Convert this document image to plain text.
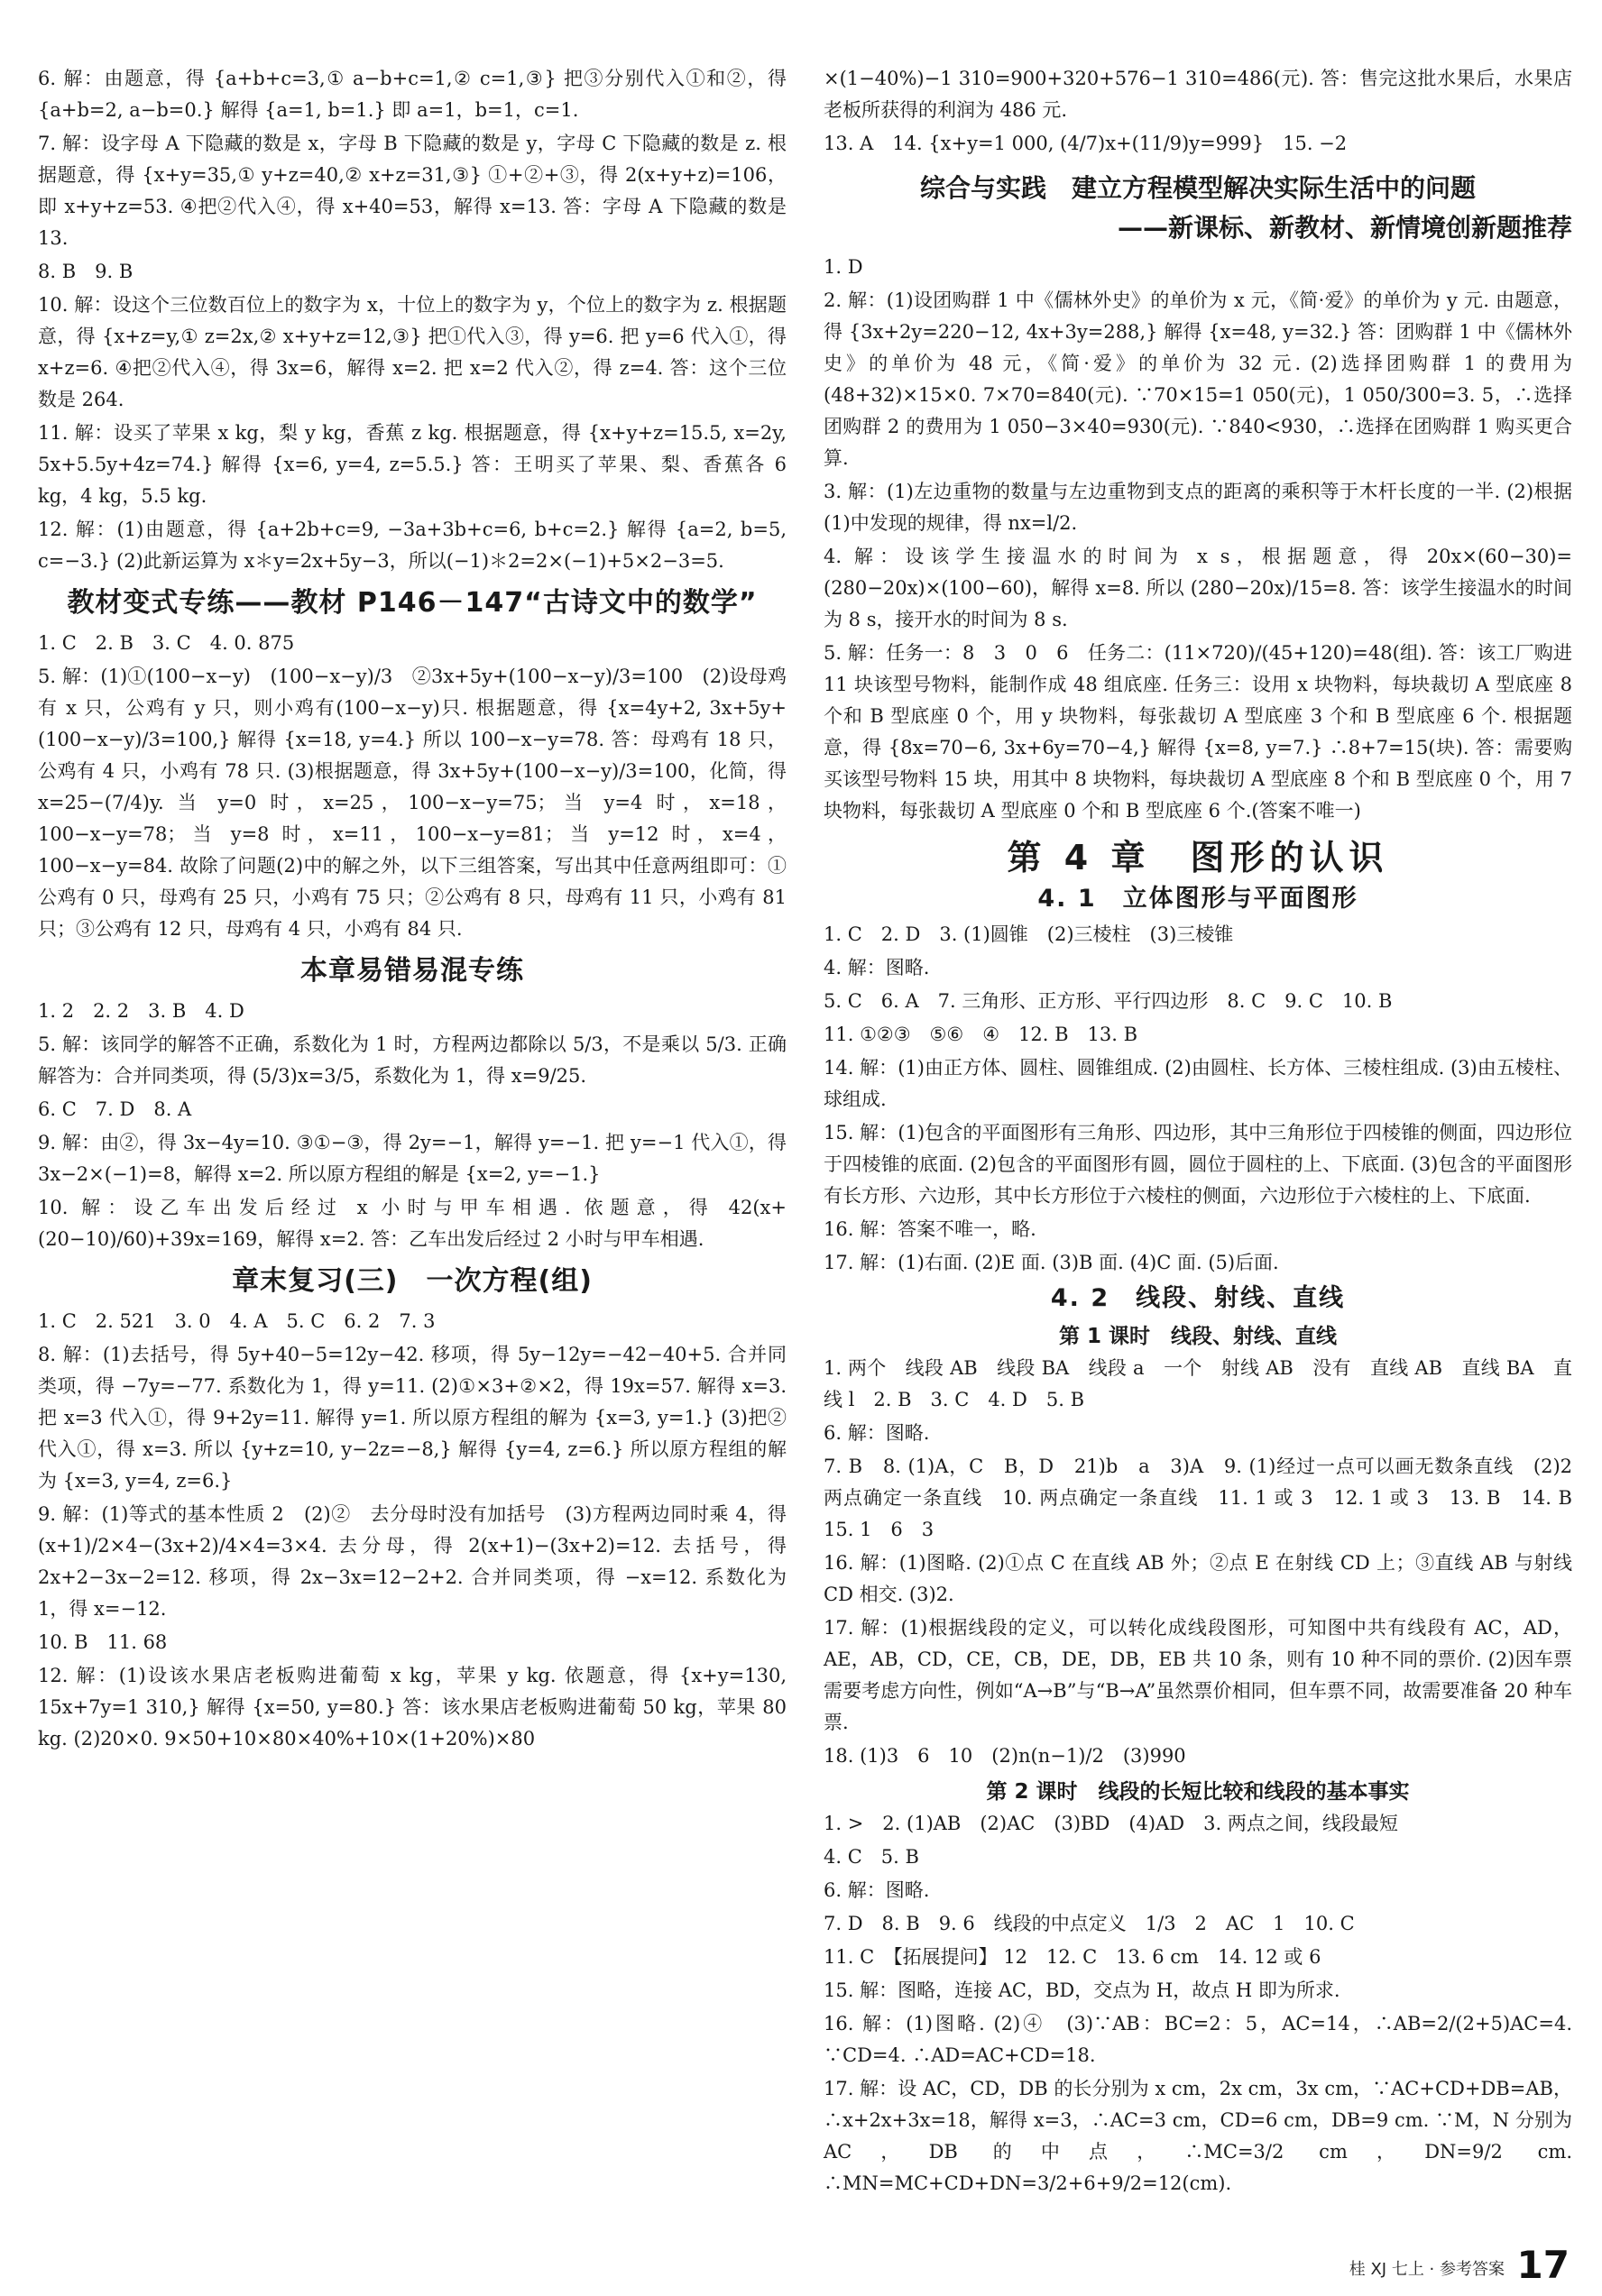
6. 解：由题意，得 {a+b+c=3,① a−b+c=1,② c=1,③} 把③分别代入①和②，得 {a+b=2, a−b=0.} 解得 {a=1, b=1.} 即 a=1，b=1，c=1.

7. 解：设字母 A 下隐藏的数是 x，字母 B 下隐藏的数是 y，字母 C 下隐藏的数是 z. 根据题意，得 {x+y=35,① y+z=40,② x+z=31,③} ①+②+③，得 2(x+y+z)=106，即 x+y+z=53. ④把②代入④，得 x+40=53，解得 x=13. 答：字母 A 下隐藏的数是 13.

8. B　9. B

10. 解：设这个三位数百位上的数字为 x，十位上的数字为 y，个位上的数字为 z. 根据题意，得 {x+z=y,① z=2x,② x+y+z=12,③} 把①代入③，得 y=6. 把 y=6 代入①，得 x+z=6. ④把②代入④，得 3x=6，解得 x=2. 把 x=2 代入②，得 z=4. 答：这个三位数是 264.

11. 解：设买了苹果 x kg，梨 y kg，香蕉 z kg. 根据题意，得 {x+y+z=15.5, x=2y, 5x+5.5y+4z=74.} 解得 {x=6, y=4, z=5.5.} 答：王明买了苹果、梨、香蕉各 6 kg，4 kg，5.5 kg.

12. 解：(1)由题意，得 {a+2b+c=9, −3a+3b+c=6, b+c=2.} 解得 {a=2, b=5, c=−3.} (2)此新运算为 x＊y=2x+5y−3，所以(−1)＊2=2×(−1)+5×2−3=5.

教材变式专练——教材 P146－147“古诗文中的数学”

1. C　2. B　3. C　4. 0. 875

5. 解：(1)①(100−x−y)　(100−x−y)/3　②3x+5y+(100−x−y)/3=100　(2)设母鸡有 x 只，公鸡有 y 只，则小鸡有(100−x−y)只. 根据题意，得 {x=4y+2, 3x+5y+(100−x−y)/3=100,} 解得 {x=18, y=4.} 所以 100−x−y=78. 答：母鸡有 18 只，公鸡有 4 只，小鸡有 78 只. (3)根据题意，得 3x+5y+(100−x−y)/3=100，化简，得 x=25−(7/4)y. 当 y=0 时，x=25，100−x−y=75；当 y=4 时，x=18，100−x−y=78；当 y=8 时，x=11，100−x−y=81；当 y=12 时，x=4，100−x−y=84. 故除了问题(2)中的解之外，以下三组答案，写出其中任意两组即可：①公鸡有 0 只，母鸡有 25 只，小鸡有 75 只；②公鸡有 8 只，母鸡有 11 只，小鸡有 81 只；③公鸡有 12 只，母鸡有 4 只，小鸡有 84 只.

本章易错易混专练

1. 2　2. 2　3. B　4. D

5. 解：该同学的解答不正确，系数化为 1 时，方程两边都除以 5/3，不是乘以 5/3. 正确解答为：合并同类项，得 (5/3)x=3/5，系数化为 1，得 x=9/25.

6. C　7. D　8. A

9. 解：由②，得 3x−4y=10. ③①−③，得 2y=−1，解得 y=−1. 把 y=−1 代入①，得 3x−2×(−1)=8，解得 x=2. 所以原方程组的解是 {x=2, y=−1.}

10. 解：设乙车出发后经过 x 小时与甲车相遇. 依题意，得 42(x+(20−10)/60)+39x=169，解得 x=2. 答：乙车出发后经过 2 小时与甲车相遇.

章末复习(三)　一次方程(组)

1. C　2. 521　3. 0　4. A　5. C　6. 2　7. 3

8. 解：(1)去括号，得 5y+40−5=12y−42. 移项，得 5y−12y=−42−40+5. 合并同类项，得 −7y=−77. 系数化为 1，得 y=11. (2)①×3+②×2，得 19x=57. 解得 x=3. 把 x=3 代入①，得 9+2y=11. 解得 y=1. 所以原方程组的解为 {x=3, y=1.} (3)把②代入①，得 x=3. 所以 {y+z=10, y−2z=−8,} 解得 {y=4, z=6.} 所以原方程组的解为 {x=3, y=4, z=6.}

9. 解：(1)等式的基本性质 2　(2)②　去分母时没有加括号　(3)方程两边同时乘 4，得 (x+1)/2×4−(3x+2)/4×4=3×4. 去分母，得 2(x+1)−(3x+2)=12. 去括号，得 2x+2−3x−2=12. 移项，得 2x−3x=12−2+2. 合并同类项，得 −x=12. 系数化为 1，得 x=−12.

10. B　11. 68

12. 解：(1)设该水果店老板购进葡萄 x kg，苹果 y kg. 依题意，得 {x+y=130, 15x+7y=1 310,} 解得 {x=50, y=80.} 答：该水果店老板购进葡萄 50 kg，苹果 80 kg. (2)20×0. 9×50+10×80×40%+10×(1+20%)×80

×(1−40%)−1 310=900+320+576−1 310=486(元). 答：售完这批水果后，水果店老板所获得的利润为 486 元.

13. A　14. {x+y=1 000, (4/7)x+(11/9)y=999}　15. −2

综合与实践　建立方程模型解决实际生活中的问题
——新课标、新教材、新情境创新题推荐

1. D

2. 解：(1)设团购群 1 中《儒林外史》的单价为 x 元，《简·爱》的单价为 y 元. 由题意，得 {3x+2y=220−12, 4x+3y=288,} 解得 {x=48, y=32.} 答：团购群 1 中《儒林外史》的单价为 48 元，《简·爱》的单价为 32 元. (2)选择团购群 1 的费用为(48+32)×15×0. 7×70=840(元). ∵70×15=1 050(元)，1 050/300=3. 5，∴选择团购群 2 的费用为 1 050−3×40=930(元). ∵840<930，∴选择在团购群 1 购买更合算.

3. 解：(1)左边重物的数量与左边重物到支点的距离的乘积等于木杆长度的一半. (2)根据(1)中发现的规律，得 nx=l/2.

4. 解：设该学生接温水的时间为 x s，根据题意，得 20x×(60−30)=(280−20x)×(100−60)，解得 x=8. 所以 (280−20x)/15=8. 答：该学生接温水的时间为 8 s，接开水的时间为 8 s.

5. 解：任务一：8　3　0　6　任务二：(11×720)/(45+120)=48(组). 答：该工厂购进 11 块该型号物料，能制作成 48 组底座. 任务三：设用 x 块物料，每块裁切 A 型底座 8 个和 B 型底座 0 个，用 y 块物料，每张裁切 A 型底座 3 个和 B 型底座 6 个. 根据题意，得 {8x=70−6, 3x+6y=70−4,} 解得 {x=8, y=7.} ∴8+7=15(块). 答：需要购买该型号物料 15 块，用其中 8 块物料，每块裁切 A 型底座 8 个和 B 型底座 0 个，用 7 块物料，每张裁切 A 型底座 0 个和 B 型底座 6 个.(答案不唯一)

第 4 章　图形的认识
4. 1　立体图形与平面图形

1. C　2. D　3. (1)圆锥　(2)三棱柱　(3)三棱锥

4. 解：图略.

5. C　6. A　7. 三角形、正方形、平行四边形　8. C　9. C　10. B

11. ①②③　⑤⑥　④　12. B　13. B

14. 解：(1)由正方体、圆柱、圆锥组成. (2)由圆柱、长方体、三棱柱组成. (3)由五棱柱、球组成.

15. 解：(1)包含的平面图形有三角形、四边形，其中三角形位于四棱锥的侧面，四边形位于四棱锥的底面. (2)包含的平面图形有圆，圆位于圆柱的上、下底面. (3)包含的平面图形有长方形、六边形，其中长方形位于六棱柱的侧面，六边形位于六棱柱的上、下底面.

16. 解：答案不唯一，略.

17. 解：(1)右面. (2)E 面. (3)B 面. (4)C 面. (5)后面.

4. 2　线段、射线、直线
第 1 课时　线段、射线、直线

1. 两个　线段 AB　线段 BA　线段 a　一个　射线 AB　没有　直线 AB　直线 BA　直线 l　2. B　3. C　4. D　5. B

6. 解：图略.

7. B　8. (1)A，C　B，D　21)b　a　3)A　9. (1)经过一点可以画无数条直线　(2)2　两点确定一条直线　10. 两点确定一条直线　11. 1 或 3　12. 1 或 3　13. B　14. B　15. 1　6　3

16. 解：(1)图略. (2)①点 C 在直线 AB 外；②点 E 在射线 CD 上；③直线 AB 与射线 CD 相交. (3)2.

17. 解：(1)根据线段的定义，可以转化成线段图形，可知图中共有线段有 AC，AD，AE，AB，CD，CE，CB，DE，DB，EB 共 10 条，则有 10 种不同的票价. (2)因车票需要考虑方向性，例如“A→B”与“B→A”虽然票价相同，但车票不同，故需要准备 20 种车票.

18. (1)3　6　10　(2)n(n−1)/2　(3)990

第 2 课时　线段的长短比较和线段的基本事实

1. >　2. (1)AB　(2)AC　(3)BD　(4)AD　3. 两点之间，线段最短

4. C　5. B

6. 解：图略.

7. D　8. B　9. 6　线段的中点定义　1/3　2　AC　1　10. C

11. C　【拓展提问】 12　12. C　13. 6 cm　14. 12 或 6

15. 解：图略，连接 AC，BD，交点为 H，故点 H 即为所求.

16. 解：(1)图略. (2)④　(3)∵AB：BC=2：5，AC=14，∴AB=2/(2+5)AC=4. ∵CD=4. ∴AD=AC+CD=18.

17. 解：设 AC，CD，DB 的长分别为 x cm，2x cm，3x cm，∵AC+CD+DB=AB，∴x+2x+3x=18，解得 x=3，∴AC=3 cm，CD=6 cm，DB=9 cm. ∵M，N 分别为 AC，DB 的中点，∴MC=3/2 cm，DN=9/2 cm. ∴MN=MC+CD+DN=3/2+6+9/2=12(cm).

桂 XJ 七上 · 参考答案 17
